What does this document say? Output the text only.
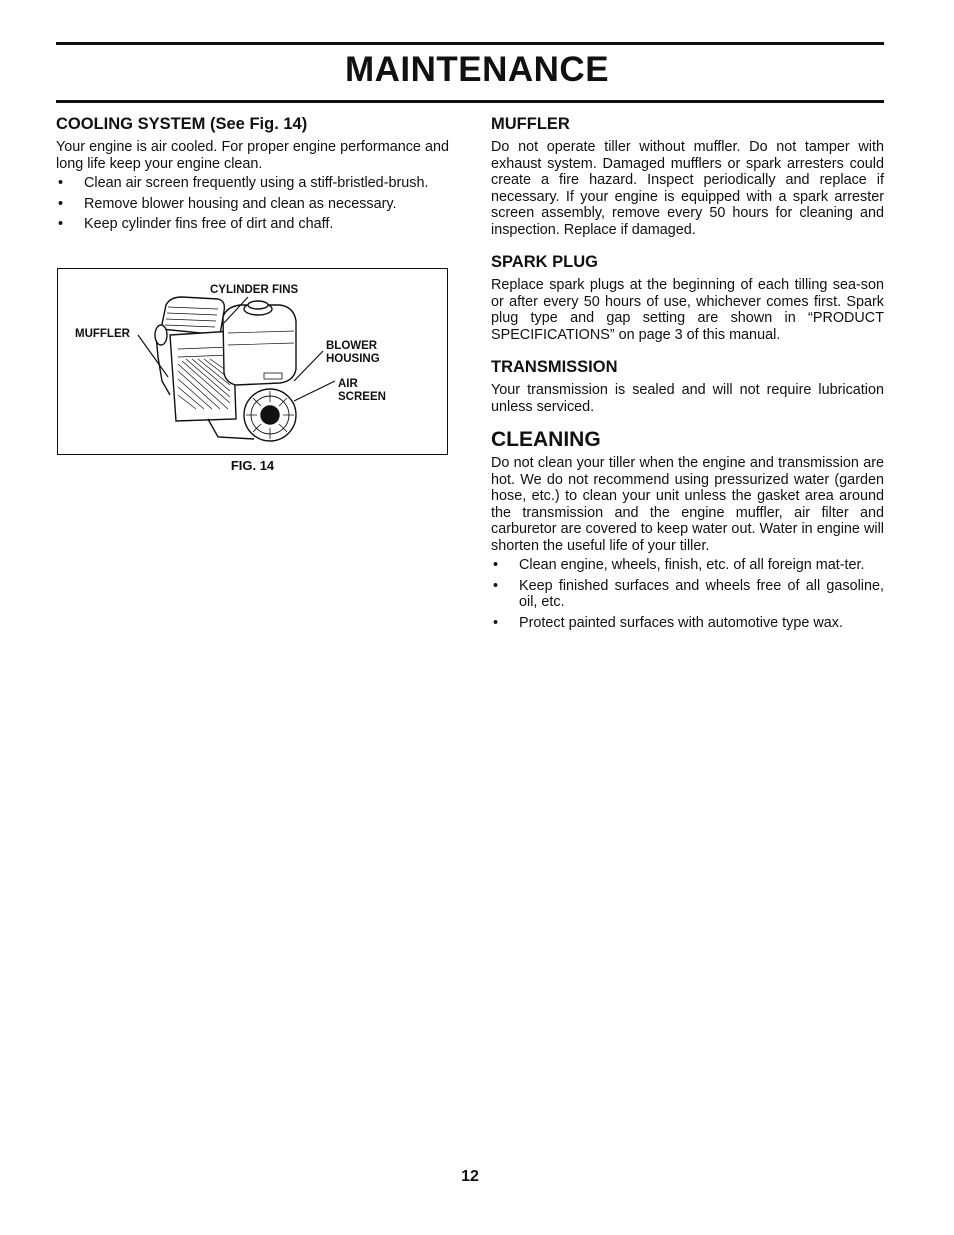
MAINTENANCE
COOLING SYSTEM (See Fig. 14)

Your engine is air cooled. For proper engine performance and long life keep your engine clean.

• Clean air screen frequently using a stiff-bristled-brush.
• Remove blower housing and clean as necessary.
• Keep cylinder fins free of dirt and chaff.
CYLINDER FINS
MUFFLER
BLOWER
HOUSING
AIR
SCREEN
FIG. 14
MUFFLER

Do not operate tiller without muffler. Do not tamper with exhaust system. Damaged mufflers or spark arresters could create a fire hazard. Inspect periodically and replace if necessary. If your engine is equipped with a spark arrester screen assembly, remove every 50 hours for cleaning and inspection. Replace if damaged.

SPARK PLUG

Replace spark plugs at the beginning of each tilling sea-son or after every 50 hours of use, whichever comes first. Spark plug type and gap setting are shown in “PRODUCT SPECIFICATIONS” on page 3 of this manual.

TRANSMISSION

Your transmission is sealed and will not require lubrication unless serviced.

CLEANING

Do not clean your tiller when the engine and transmission are hot. We do not recommend using pressurized water (garden hose, etc.) to clean your unit unless the gasket area around the transmission and the engine muffler, air filter and carburetor are covered to keep water out. Water in engine will shorten the useful life of your tiller.

• Clean engine, wheels, finish, etc. of all foreign mat-ter.
• Keep finished surfaces and wheels free of all gasoline, oil, etc.
• Protect painted surfaces with automotive type wax.
12
